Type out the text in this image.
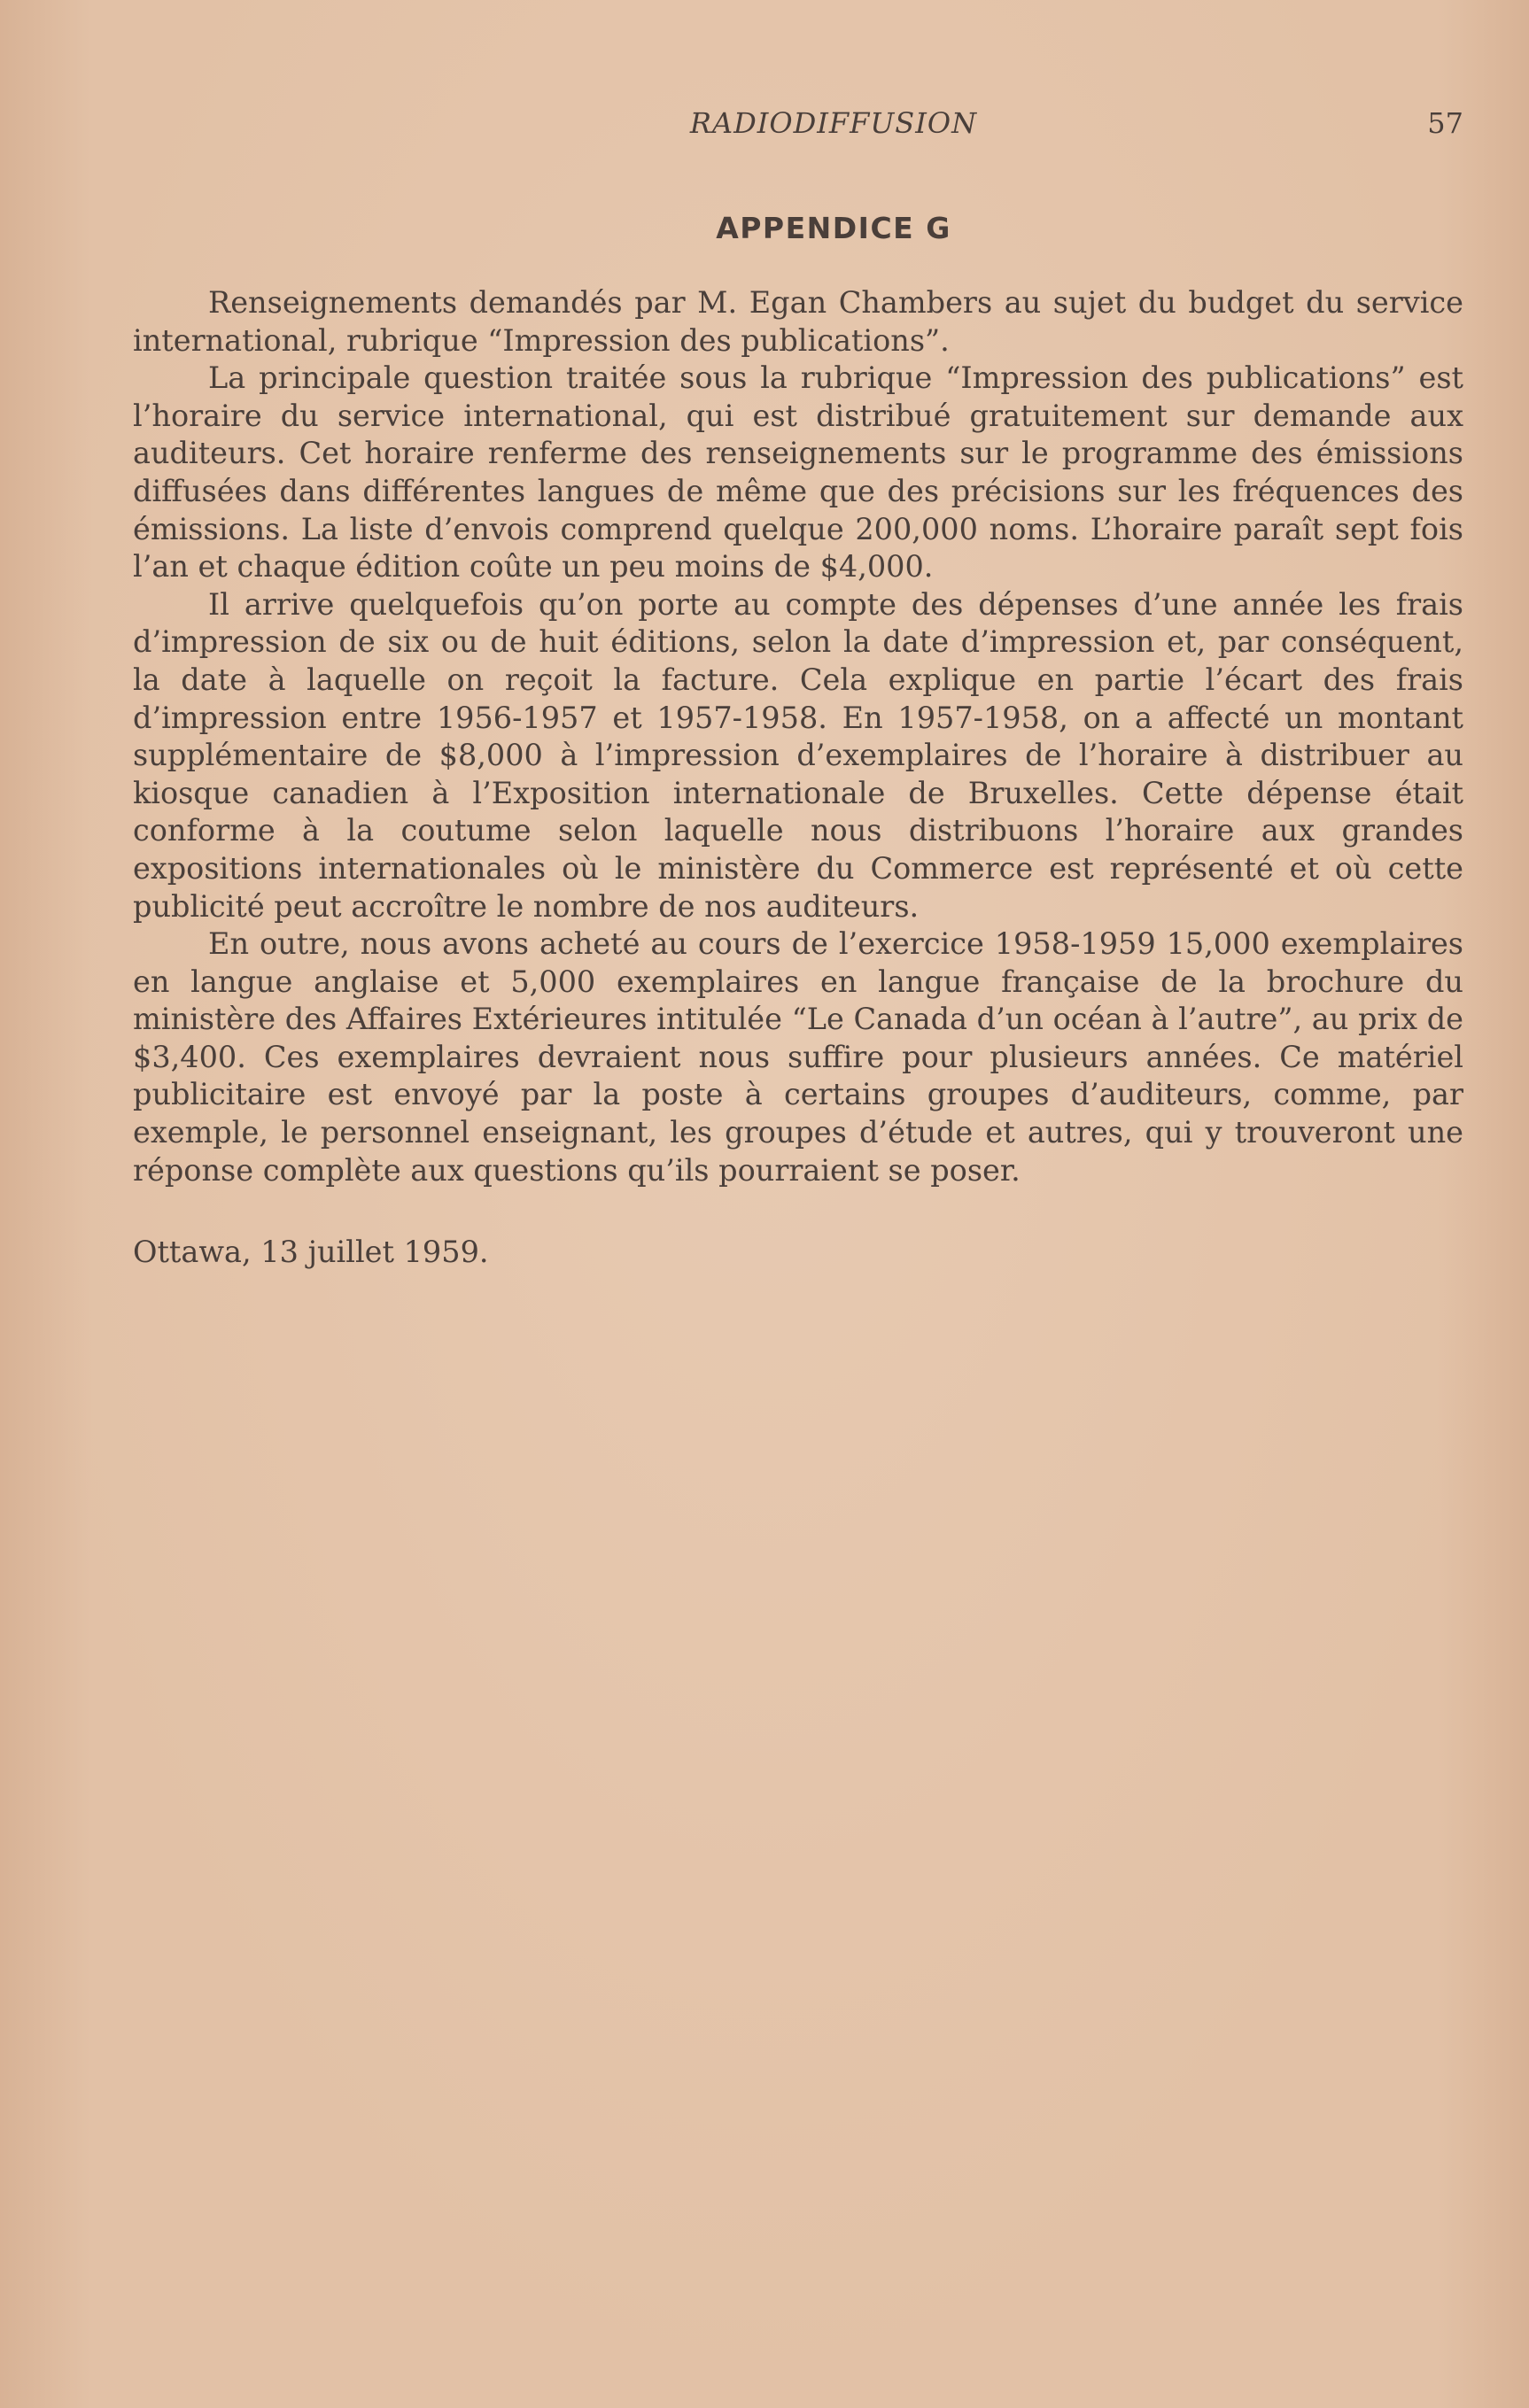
RADIODIFFUSION	57
APPENDICE G

Renseignements demandés par M. Egan Chambers au sujet du budget du service international, rubrique “Impression des publications”.

La principale question traitée sous la rubrique “Impression des publications” est l’horaire du service international, qui est distribué gratuitement sur demande aux auditeurs. Cet horaire renferme des renseignements sur le programme des émissions diffusées dans différentes langues de même que des précisions sur les fréquences des émissions. La liste d’envois comprend quelque 200,000 noms. L’horaire paraît sept fois l’an et chaque édition coûte un peu moins de $4,000.

Il arrive quelquefois qu’on porte au compte des dépenses d’une année les frais d’impression de six ou de huit éditions, selon la date d’impression et, par conséquent, la date à laquelle on reçoit la facture. Cela explique en partie l’écart des frais d’impression entre 1956-1957 et 1957-1958. En 1957-1958, on a affecté un montant supplémentaire de $8,000 à l’impression d’exemplaires de l’horaire à distribuer au kiosque canadien à l’Exposition internationale de Bruxelles. Cette dépense était conforme à la coutume selon laquelle nous distribuons l’horaire aux grandes expositions internationales où le ministère du Commerce est représenté et où cette publicité peut accroître le nombre de nos auditeurs.

En outre, nous avons acheté au cours de l’exercice 1958-1959 15,000 exemplaires en langue anglaise et 5,000 exemplaires en langue française de la brochure du ministère des Affaires Extérieures intitulée “Le Canada d’un océan à l’autre”, au prix de $3,400. Ces exemplaires devraient nous suffire pour plusieurs années. Ce matériel publicitaire est envoyé par la poste à certains groupes d’auditeurs, comme, par exemple, le personnel enseignant, les groupes d’étude et autres, qui y trouveront une réponse complète aux questions qu’ils pourraient se poser.

Ottawa, 13 juillet 1959.
